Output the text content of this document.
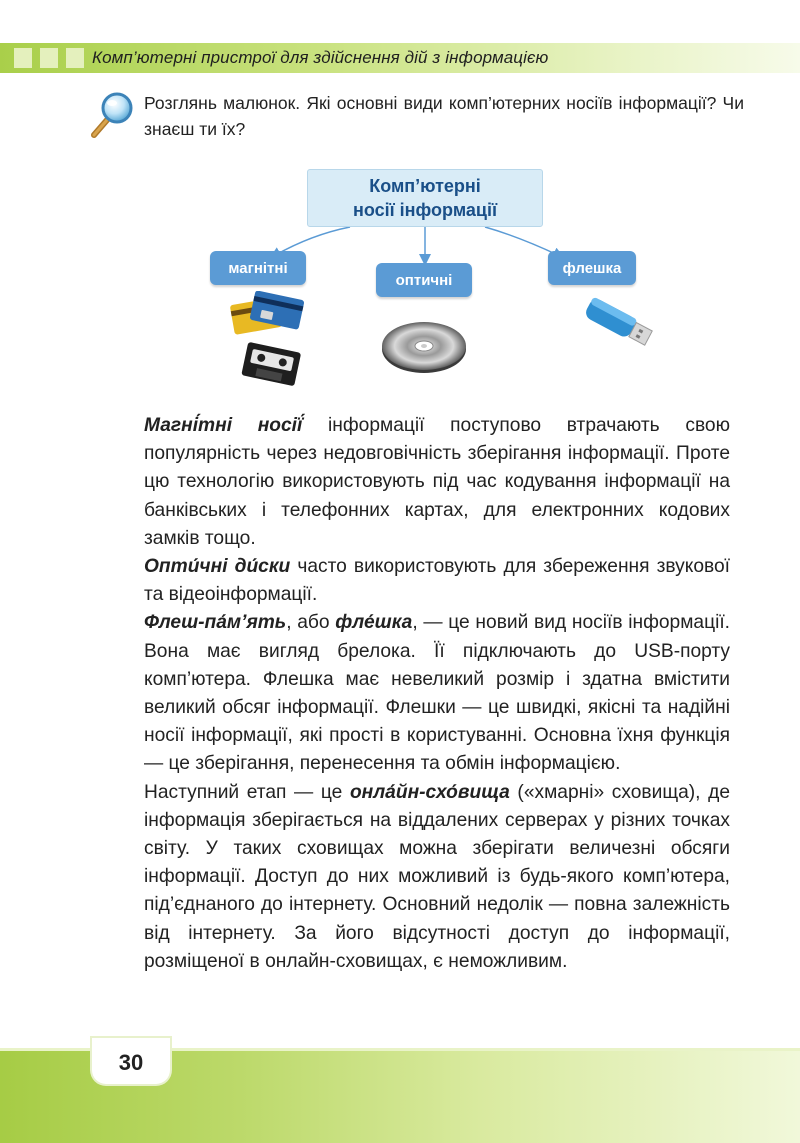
Комп’ютерні пристрої для здійснення дій з інформацією
Розглянь малюнок. Які основні види комп’ютерних носіїв інформації? Чи знаєш ти їх?
Комп’ютерні
носії інформації
магнітні
оптичні
флешка

Магні́тні носії́ інформації поступово втрачають свою популярність через недовговічність зберігання інформації. Проте цю технологію використовують під час кодування інформації на банківських і телефонних картах, для електронних кодових замків тощо.

Опти́чні ди́ски часто використовують для збереження звукової та відеоінформації.

Флеш-па́м’ять, або фле́шка, — це новий вид носіїв інформації. Вона має вигляд брелока. Її підключають до USB-порту комп’ютера. Флешка має невеликий розмір і здатна вмістити великий обсяг інформації. Флешки — це швидкі, якісні та надійні носії інформації, які прості в користуванні. Основна їхня функція — це зберігання, перенесення та обмін інформацією.

Наступний етап — це онла́йн-схо́вища («хмарні» сховища), де інформація зберігається на віддалених серверах у різних точках світу. У таких сховищах можна зберігати величезні обсяги інформації. Доступ до них можливий із будь-якого комп’ютера, під’єднаного до інтернету. Основний недолік — повна залежність від інтернету. За його відсутності доступ до інформації, розміщеної в онлайн-сховищах, є неможливим.

30
